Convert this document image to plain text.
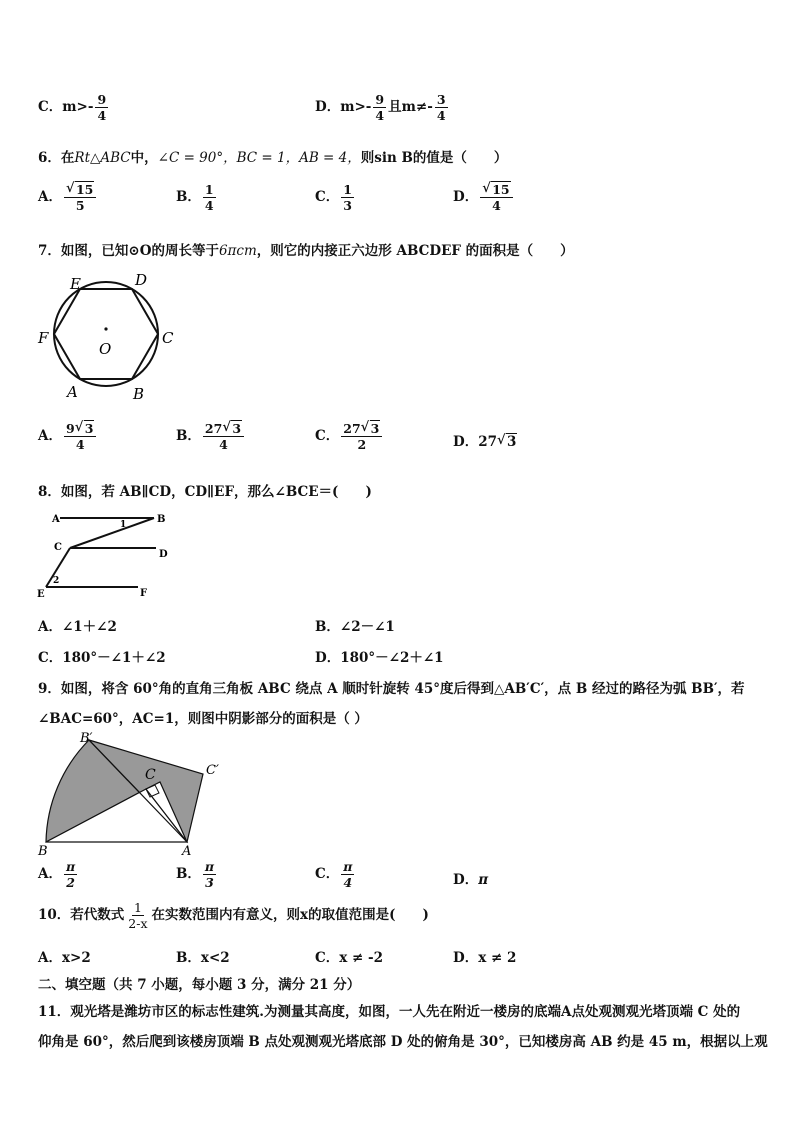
C．$m>- \frac{9}{4}$	D．$m>- \frac{9}{4}$ 且$m\ne- \frac{3}{4}$
6．在Rt△ABC中，∠C = 90°，BC = 1，AB = 4，则sin B的值是（　　）
A． √ $\frac{15}{5}$	B． $\frac{1}{4}$	C． $\frac{1}{3}$	D． √ $\frac{15}{4}$
7．如图，已知⊙O的周长等于6πcm，则它的内接正六边形 ABCDEF 的面积是（　　）
E	D
F	C
O
A	B
A． $\frac{9 √ 3}{4}$	B． $\frac{27 √ 3}{4}$	C． $\frac{27 √ 3}{2}$	D．27 √ 3
8．如图，若 AB∥CD，CD∥EF，那么∠BCE＝(　　)
A	B
1
C
D
2
E	F
A．∠1＋∠2	B．∠2－∠1
C．180°－∠1＋∠2	D．180°－∠2＋∠1
9．如图，将含 60°角的直角三角板 ABC 绕点 A 顺时针旋转 45°度后得到△AB′C′，点 B 经过的路径为弧 BB′，若
∠BAC=60°，AC=1，则图中阴影部分的面积是（ ）
B′
C′
C
B	A
A． $\frac{\pi}{2}$	B． $\frac{\pi}{3}$	C． $\frac{\pi}{4}$	D．π
10．若代数式 $\frac{1}{2-x}$ 在实数范围内有意义，则x的取值范围是(　　)
A．x>2	B．x<2	C．x ≠ -2	D．x ≠ 2
二、填空题（共 7 小题，每小题 3 分，满分 21 分）
11．观光塔是潍坊市区的标志性建筑.为测量其高度，如图，一人先在附近一楼房的底端A点处观测观光塔顶端 C 处的
仰角是 60°，然后爬到该楼房顶端 B 点处观测观光塔底部 D 处的俯角是 30°，已知楼房高 AB 约是 45 m，根据以上观
